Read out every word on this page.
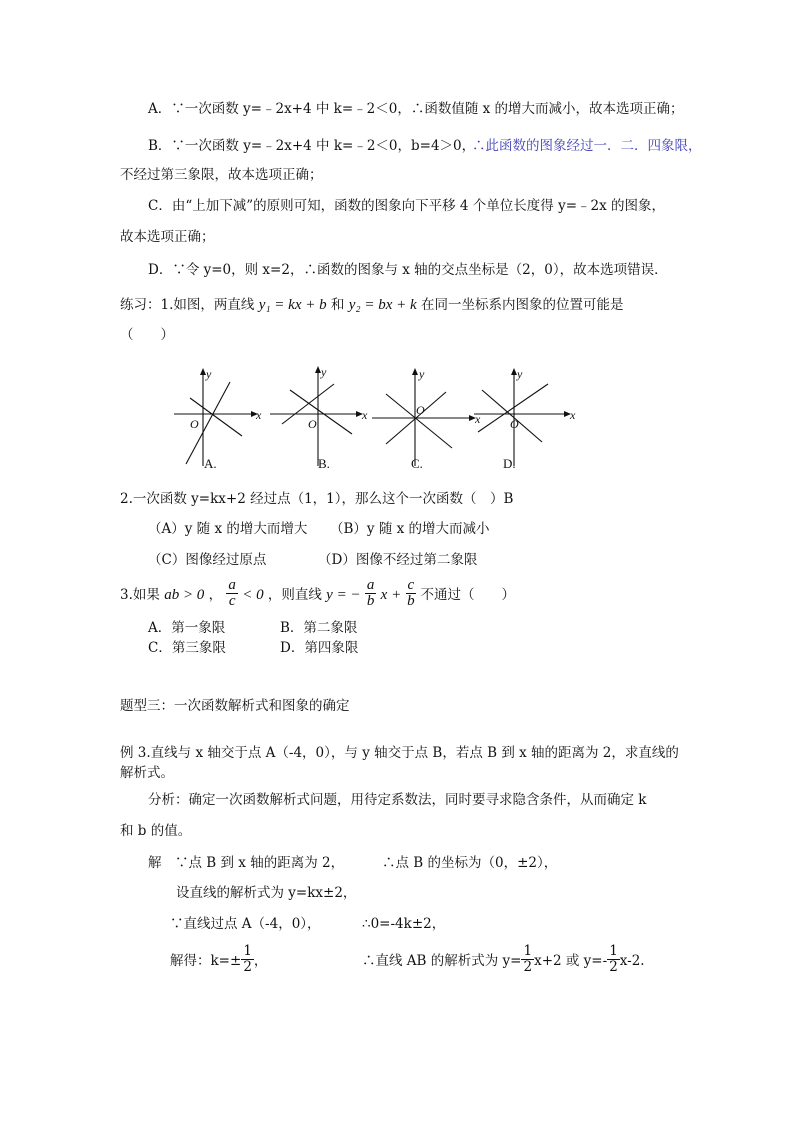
A．∵一次函数 y=﹣2x+4 中 k=﹣2＜0，∴函数值随 x 的增大而减小，故本选项正确；
B．∵一次函数 y=﹣2x+4 中 k=﹣2＜0，b=4＞0，
∴此函数的图象经过一．二．四象限，
不经过第三象限，故本选项正确；
C．由“上加下减”的原则可知，函数的图象向下平移 4 个单位长度得 y=﹣2x 的图象，
故本选项正确；
D．∵令 y=0，则 x=2，∴函数的图象与 x 轴的交点坐标是（2，0），故本选项错误．
练习：1.如图，两直线 y₁ = kx + b 和 y₂ = bx + k 在同一坐标系内图象的位置可能是
（　　）
y
x
O
y
x
O
y
x
O
y
x
O
A.	B.	C.	D.
2.一次函数 y=kx+2 经过点（1，1），那么这个一次函数（　）B
（A）y 随 x 的增大而增大 （B）y 随 x 的增大而减小
（C）图像经过原点	（D）图像不经过第二象限
3.如果 ab > 0 ， $\frac{a}{c} < 0$ ，则直线 y = − $\frac{a}{b}$ $x + \frac{c}{b}$ 不通过（　　）
A．第一象限	B．第二象限
C．第三象限	D．第四象限
题型三：一次函数解析式和图象的确定
例 3.直线与 x 轴交于点 A（-4，0），与 y 轴交于点 B，若点 B 到 x 轴的距离为 2，求直线的
解析式。
分析：确定一次函数解析式问题，用待定系数法，同时要寻求隐含条件，从而确定 k
和 b 的值。
解　∵点 B 到 x 轴的距离为 2，	∴点 B 的坐标为（0，±2），
设直线的解析式为 y=kx±2，
∵直线过点 A（-4，0），	∴0=-4k±2，
解得：$k=\pm \frac{1}{2}$ ，	∴直线 AB 的解析式为 $y= \frac{1}{2} x+2$ 或 $y=- \frac{1}{2} x-2$.
